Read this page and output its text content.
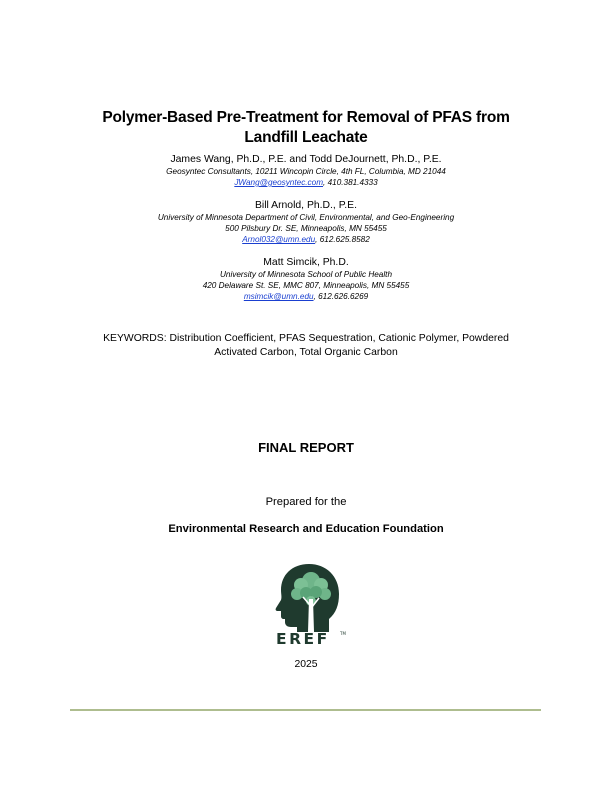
Polymer-Based Pre-Treatment for Removal of PFAS from
Landfill Leachate
James Wang, Ph.D., P.E. and Todd DeJournett, Ph.D., P.E.
Geosyntec Consultants, 10211 Wincopin Circle, 4th FL, Columbia, MD 21044
JWang@geosyntec.com, 410.381.4333
Bill Arnold, Ph.D., P.E.
University of Minnesota Department of Civil, Environmental, and Geo-Engineering
500 Pilsbury Dr. SE, Minneapolis, MN 55455
Arnol032@umn.edu, 612.625.8582
Matt Simcik, Ph.D.
University of Minnesota School of Public Health
420 Delaware St. SE, MMC 807, Minneapolis, MN 55455
msimcik@umn.edu, 612.626.6269
KEYWORDS: Distribution Coefficient, PFAS Sequestration, Cationic Polymer, Powdered Activated Carbon, Total Organic Carbon
FINAL REPORT
Prepared for the
Environmental Research and Education Foundation
EREF	TM
2025
